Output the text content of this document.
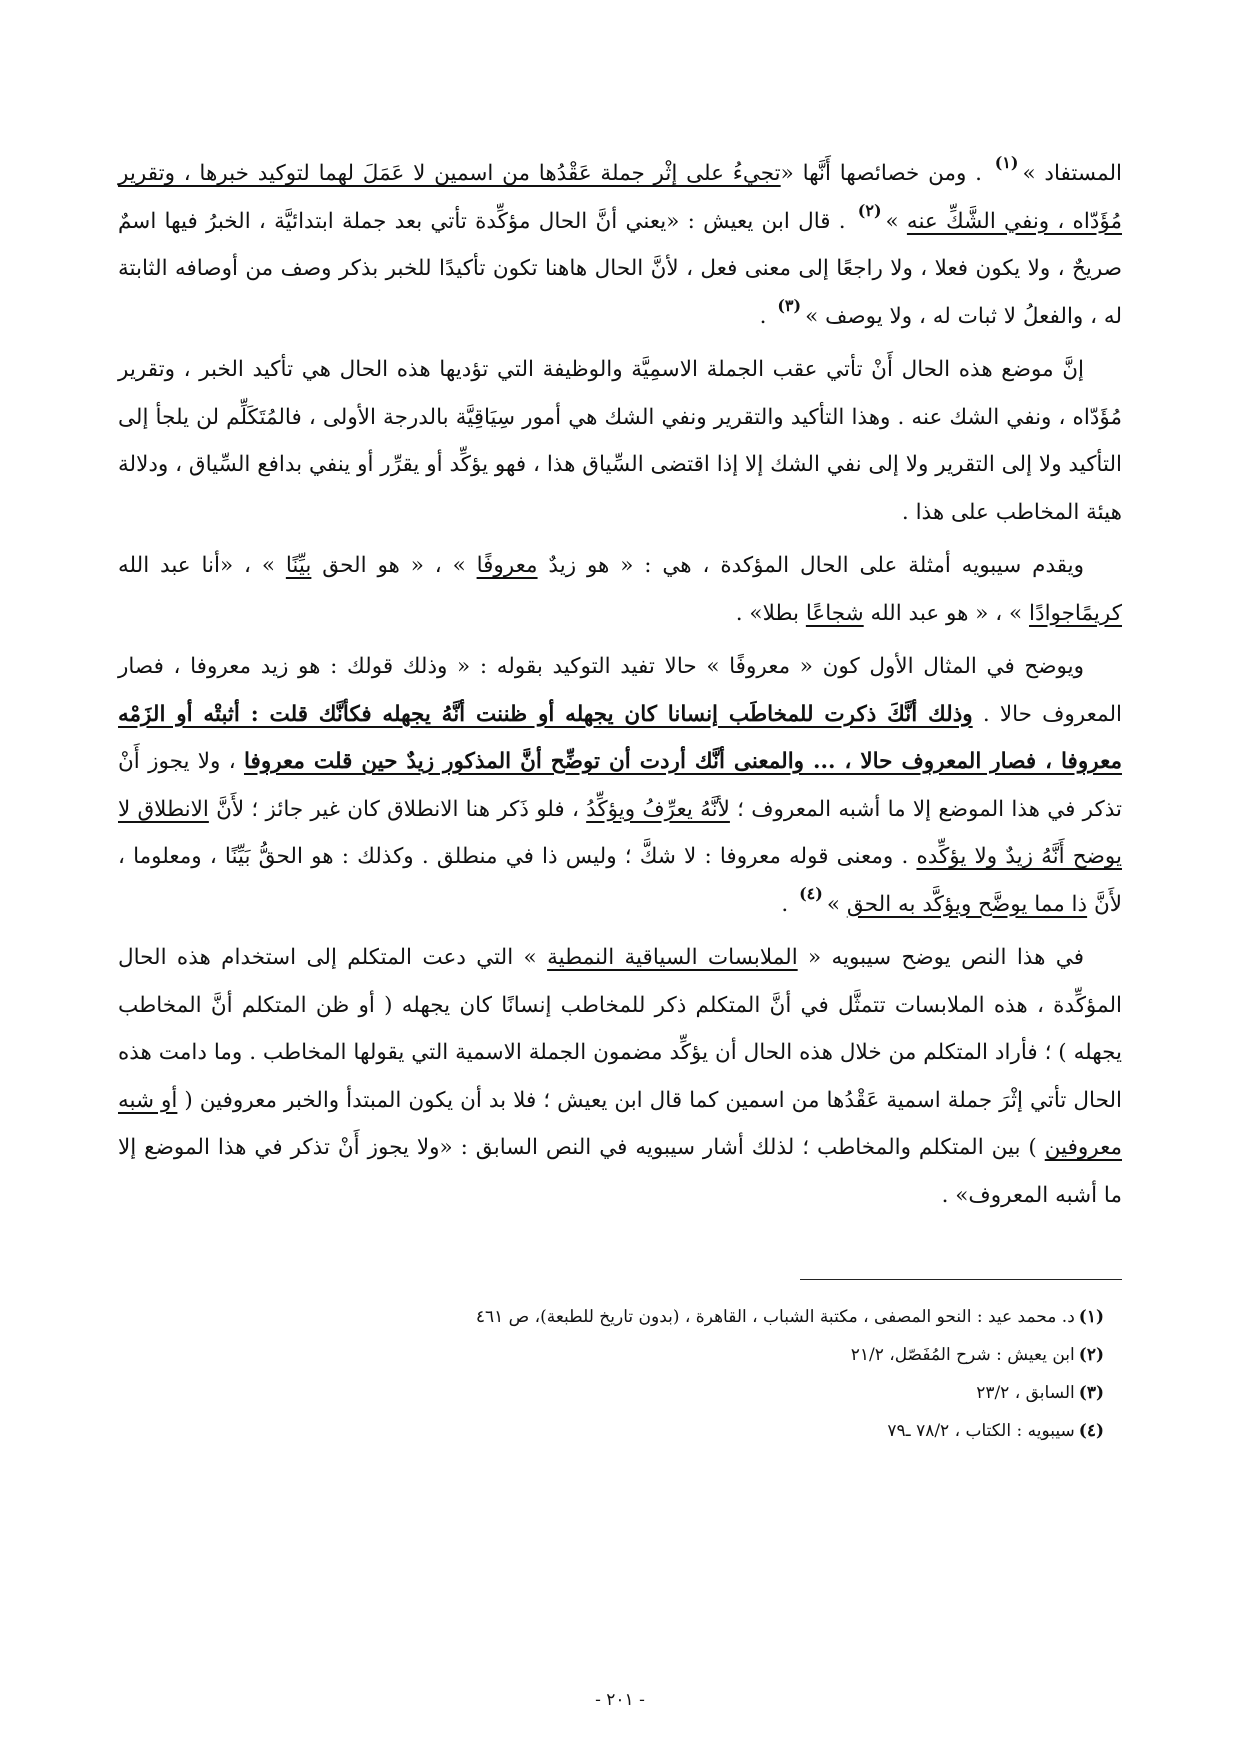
المستفاد »$^{(١)}$ . ومن خصائصها أَنَّها «تجيءُ على إثْر جملة عَقْدُها من اسمين لا عَمَلَ لهما لتوكيد خبرها ، وتقرير مُؤَدّاه ، ونفي الشَّكِّ عنه »$^{(٢)}$ . قال ابن يعيش : «يعني أنَّ الحال مؤكِّدة تأتي بعد جملة ابتدائيَّة ، الخبرُ فيها اسمٌ صريحٌ ، ولا يكون فعلا ، ولا راجعًا إلى معنى فعل ، لأنَّ الحال هاهنا تكون تأكيدًا للخبر بذكر وصف من أوصافه الثابتة له ، والفعلُ لا ثبات له ، ولا يوصف »$^{(٣)}$ .

إنَّ موضع هذه الحال أَنْ تأتي عقب الجملة الاسمِيَّة والوظيفة التي تؤديها هذه الحال هي تأكيد الخبر ، وتقرير مُؤَدّاه ، ونفي الشك عنه . وهذا التأكيد والتقرير ونفي الشك هي أمور سِيَاقِيَّة بالدرجة الأولى ، فالمُتَكَلِّم لن يلجأ إلى التأكيد ولا إلى التقرير ولا إلى نفي الشك إلا إذا اقتضى السِّياق هذا ، فهو يؤكِّد أو يقرِّر أو ينفي بدافع السِّياق ، ودلالة هيئة المخاطب على هذا .

ويقدم سيبويه أمثلة على الحال المؤكدة ، هي : « هو زيدٌ معروفًا » ، « هو الحق بيِّنًا » ، «أنا عبد الله كريمًاجوادًا » ، « هو عبد الله شجاعًا بطلا» .

ويوضح في المثال الأول كون « معروفًا » حالا تفيد التوكيد بقوله : « وذلك قولك : هو زيد معروفا ، فصار المعروف حالا . وذلك أنَّكَ ذكرت للمخاطَب إنسانا كان يجهله أو ظننت أنَّهُ يجهله فكأنَّك قلت : أثبتْه أو الزَمْه معروفا ، فصار المعروف حالا ، ... والمعنى أنَّك أردت أن توضِّح أنَّ المذكور زيدٌ حين قلت معروفا ، ولا يجوز أَنْ تذكر في هذا الموضع إلا ما أشبه المعروف ؛ لأنَّهُ يعرِّفُ ويؤكِّدُ ، فلو ذَكر هنا الانطلاق كان غير جائز ؛ لأَنَّ الانطلاق لا يوضح أَنَّهُ زيدٌ ولا يؤكِّده . ومعنى قوله معروفا : لا شكَّ ؛ وليس ذا في منطلق . وكذلك : هو الحقُّ بَيِّنًا ، ومعلوما ، لأَنَّ ذا مما يوضَّح ويؤكَّد به الحق »$^{(٤)}$ .

في هذا النص يوضح سيبويه « الملابسات السياقية النمطية » التي دعت المتكلم إلى استخدام هذه الحال المؤكِّدة ، هذه الملابسات تتمثَّل في أنَّ المتكلم ذكر للمخاطب إنسانًا كان يجهله ( أو ظن المتكلم أنَّ المخاطب يجهله ) ؛ فأراد المتكلم من خلال هذه الحال أن يؤكِّد مضمون الجملة الاسمية التي يقولها المخاطب . وما دامت هذه الحال تأتي إثْرَ جملة اسمية عَقْدُها من اسمين كما قال ابن يعيش ؛ فلا بد أن يكون المبتدأ والخبر معروفين ( أو شبه معروفين ) بين المتكلم والمخاطب ؛ لذلك أشار سيبويه في النص السابق : «ولا يجوز أَنْ تذكر في هذا الموضع إلا ما أشبه المعروف» .

(١)د. محمد عيد : النحو المصفى ، مكتبة الشباب ، القاهرة ، (بدون تاريخ للطبعة)، ص ٤٦١
(٢)ابن يعيش : شرح المُفَصّل، ٢١/٢
(٣)السابق ، ٢٣/٢
(٤)سيبويه : الكتاب ، ٧٨/٢ ـ٧٩
- ٢٠١ -
